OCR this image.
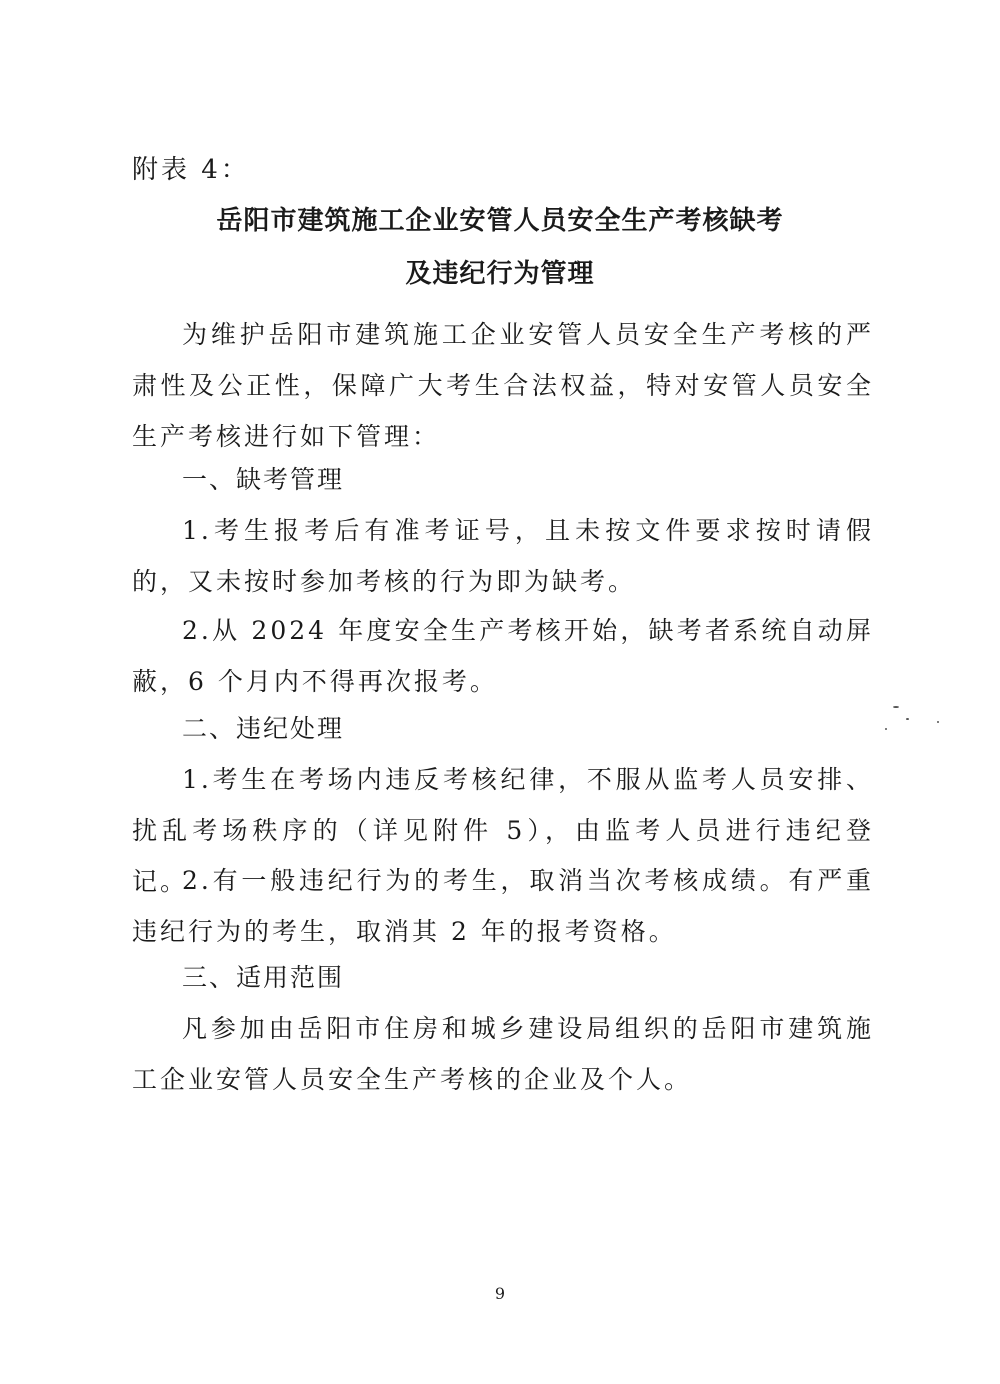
附表 4：
岳阳市建筑施工企业安管人员安全生产考核缺考
及违纪行为管理

为维护岳阳市建筑施工企业安管人员安全生产考核的严肃性及公正性，保障广大考生合法权益，特对安管人员安全生产考核进行如下管理：

一、缺考管理

1.考生报考后有准考证号，且未按文件要求按时请假的，又未按时参加考核的行为即为缺考。

2.从 2024 年度安全生产考核开始，缺考者系统自动屏蔽，6 个月内不得再次报考。

二、违纪处理

1.考生在考场内违反考核纪律，不服从监考人员安排、扰乱考场秩序的（详见附件 5），由监考人员进行违纪登记。

2.有一般违纪行为的考生，取消当次考核成绩。有严重违纪行为的考生，取消其 2 年的报考资格。

三、适用范围

凡参加由岳阳市住房和城乡建设局组织的岳阳市建筑施工企业安管人员安全生产考核的企业及个人。

9
